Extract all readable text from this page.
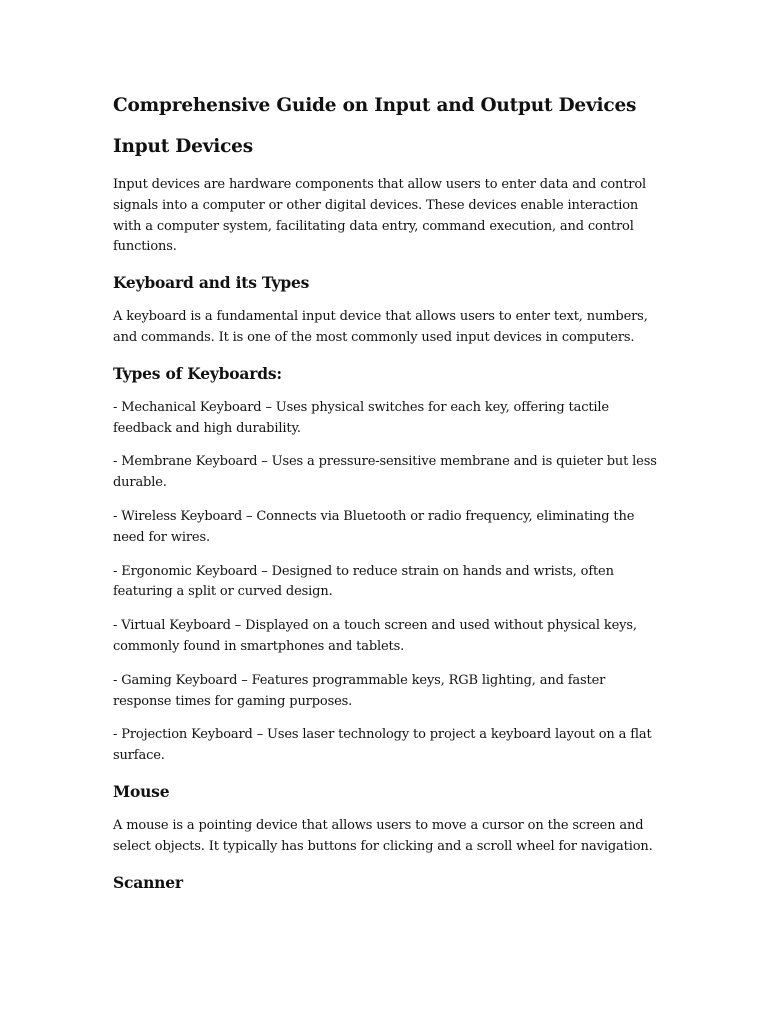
Comprehensive Guide on Input and Output Devices
Input Devices

Input devices are hardware components that allow users to enter data and control signals into a computer or other digital devices. These devices enable interaction with a computer system, facilitating data entry, command execution, and control functions.

Keyboard and its Types

A keyboard is a fundamental input device that allows users to enter text, numbers, and commands. It is one of the most commonly used input devices in computers.

Types of Keyboards:

- Mechanical Keyboard – Uses physical switches for each key, offering tactile feedback and high durability.

- Membrane Keyboard – Uses a pressure-sensitive membrane and is quieter but less durable.

- Wireless Keyboard – Connects via Bluetooth or radio frequency, eliminating the need for wires.

- Ergonomic Keyboard – Designed to reduce strain on hands and wrists, often featuring a split or curved design.

- Virtual Keyboard – Displayed on a touch screen and used without physical keys, commonly found in smartphones and tablets.

- Gaming Keyboard – Features programmable keys, RGB lighting, and faster response times for gaming purposes.

- Projection Keyboard – Uses laser technology to project a keyboard layout on a flat surface.

Mouse

A mouse is a pointing device that allows users to move a cursor on the screen and select objects. It typically has buttons for clicking and a scroll wheel for navigation.

Scanner
